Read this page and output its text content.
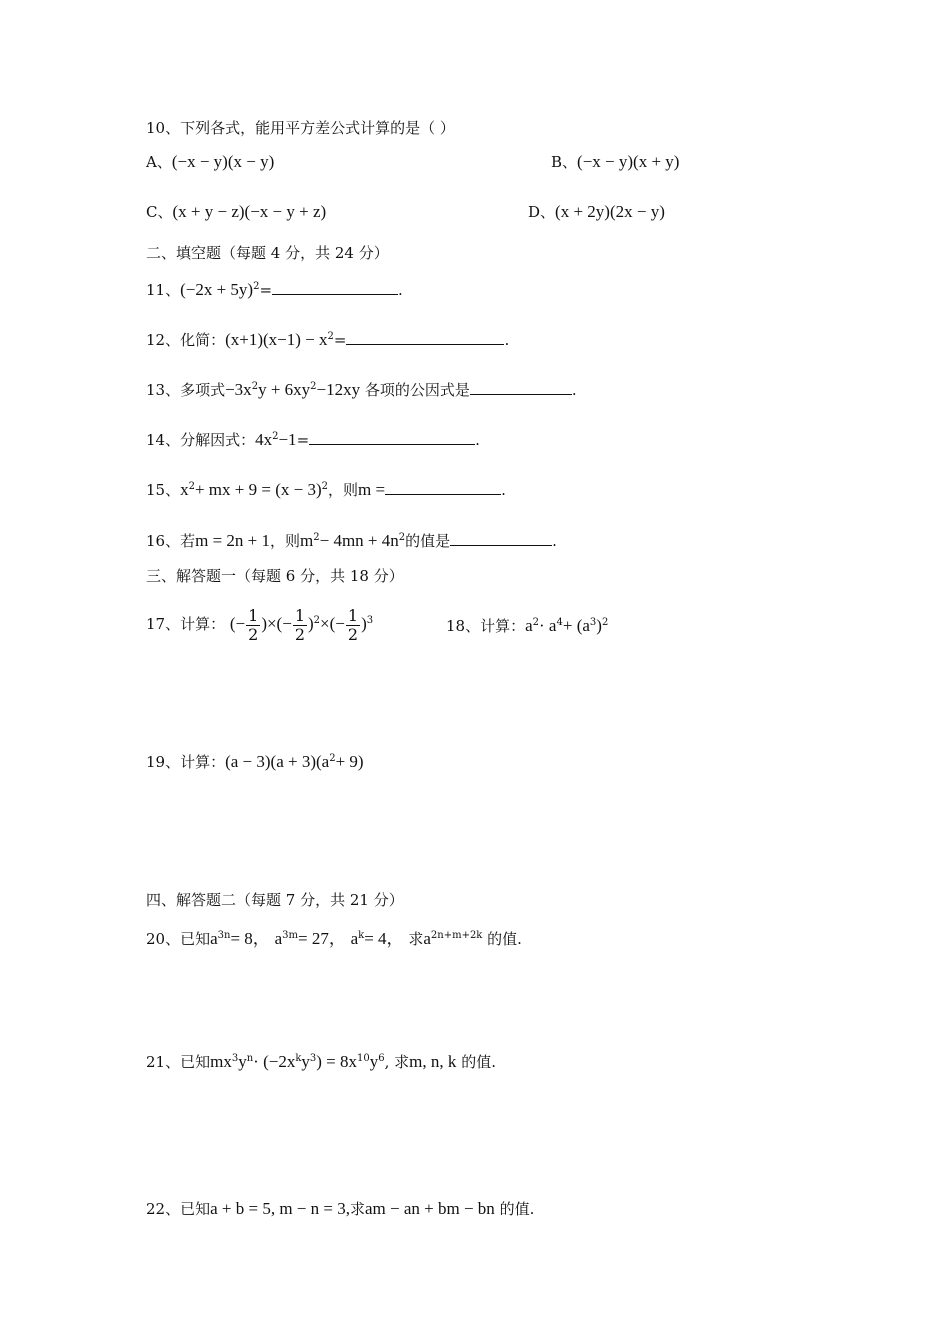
10、下列各式，能用平方差公式计算的是（ ）
A、(−x − y)(x − y)	B、(−x − y)(x + y)
C、(x + y − z)(−x − y + z)	D、(x + 2y)(2x − y)
二、填空题（每题 4 分，共 24 分）
11、$(-2x + 5y)^2=$	.
12、化简：$(x+1)(x-1) - x^2=$	.
13、多项式$-3x^2y + 6xy^2-12xy$ 各项的公因式是	.
14、分解因式：$4x^2-1=$	.
15、$x^2+$ mx + $9 = (x - 3)^2$，则m =	.
16、若m = 2n + 1，则$m^2- 4mn + 4n^2$的值是	.
三、解答题一（每题 6 分，共 18 分）
17、计算： (− $\frac{1}{2}$ )×(− $\frac{1}{2} )^2\times(- \frac{1}{2} )^3$	18、计算：$a^2\cdot a^4+ (a^3)^2$
19、计算：$(a - 3)(a + 3)(a^2+ 9)$
四、解答题二（每题 7 分，共 21 分）
20、已知$a^{3n}= 8$， $a^{3m}= 27$， $a^k= 4$， 求$a^{2n+m+2k}$ 的值.
21、已知$mx^3y^n\cdot (-2x^ky^3) = 8x^{10}y^6$, 求m, n, k 的值.
22、已知a + b = 5, m − n = 3,求am − an + bm − bn 的值.
